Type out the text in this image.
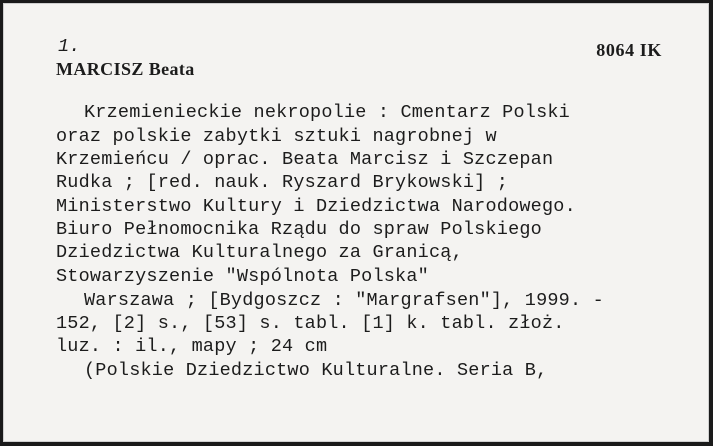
1.	8064 IK
MARCISZ Beata
Krzemienieckie nekropolie : Cmentarz Polski
oraz polskie zabytki sztuki nagrobnej w
Krzemieńcu / oprac. Beata Marcisz i Szczepan
Rudka ; [red. nauk. Ryszard Brykowski] ;
Ministerstwo Kultury i Dziedzictwa Narodowego.
Biuro Pełnomocnika Rządu do spraw Polskiego
Dziedzictwa Kulturalnego za Granicą,
Stowarzyszenie "Wspólnota Polska"
Warszawa ; [Bydgoszcz : "Margrafsen"], 1999. -
152, [2] s., [53] s. tabl. [1] k. tabl. złoż.
luz. : il., mapy ; 24 cm
(Polskie Dziedzictwo Kulturalne. Seria B,
